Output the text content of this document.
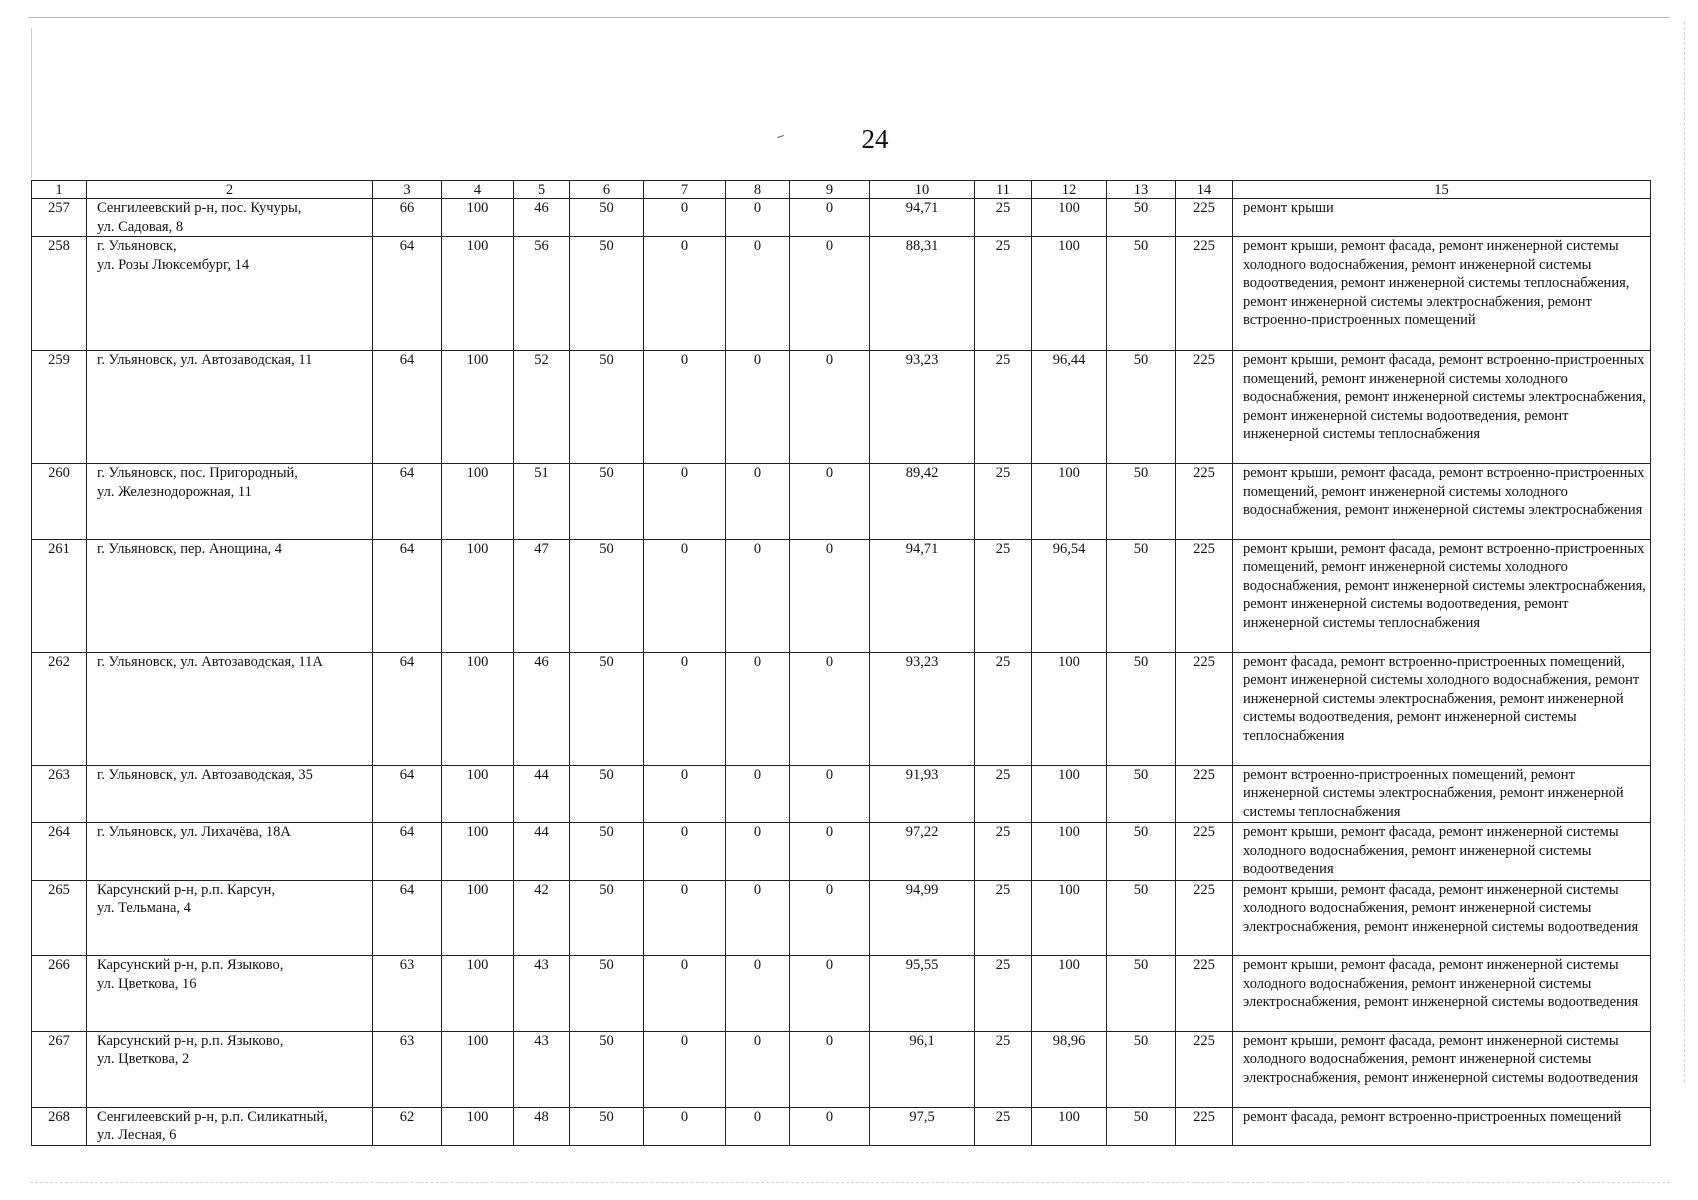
24
1	2	3	4	5	6	7	8	9	10	11	12	13	14	15
257	Сенгилеевский р-н, пос. Кучуры,
ул. Садовая, 8	66	100	46	50	0	0	0	94,71	25	100	50	225	ремонт крыши
258	г. Ульяновск,
ул. Розы Люксембург, 14	64	100	56	50	0	0	0	88,31	25	100	50	225	ремонт крыши, ремонт фасада, ремонт инженерной системы холодного водоснабжения, ремонт инженерной системы водоотведения, ремонт инженерной системы теплоснабжения, ремонт инженерной системы электроснабжения, ремонт встроенно-пристроенных помещений
259	г. Ульяновск, ул. Автозаводская, 11	64	100	52	50	0	0	0	93,23	25	96,44	50	225	ремонт крыши, ремонт фасада, ремонт встроенно-пристроенных помещений, ремонт инженерной системы холодного водоснабжения, ремонт инженерной системы электроснабжения, ремонт инженерной системы водоотведения, ремонт инженерной системы теплоснабжения
260	г. Ульяновск, пос. Пригородный,
ул. Железнодорожная, 11	64	100	51	50	0	0	0	89,42	25	100	50	225	ремонт крыши, ремонт фасада, ремонт встроенно-пристроенных помещений, ремонт инженерной системы холодного водоснабжения, ремонт инженерной системы электроснабжения
261	г. Ульяновск, пер. Анощина, 4	64	100	47	50	0	0	0	94,71	25	96,54	50	225	ремонт крыши, ремонт фасада, ремонт встроенно-пристроенных помещений, ремонт инженерной системы холодного водоснабжения, ремонт инженерной системы электроснабжения, ремонт инженерной системы водоотведения, ремонт инженерной системы теплоснабжения
262	г. Ульяновск, ул. Автозаводская, 11А	64	100	46	50	0	0	0	93,23	25	100	50	225	ремонт фасада, ремонт встроенно-пристроенных помещений, ремонт инженерной системы холодного водоснабжения, ремонт инженерной системы электроснабжения, ремонт инженерной системы водоотведения, ремонт инженерной системы теплоснабжения
263	г. Ульяновск, ул. Автозаводская, 35	64	100	44	50	0	0	0	91,93	25	100	50	225	ремонт встроенно-пристроенных помещений, ремонт инженерной системы электроснабжения, ремонт инженерной системы теплоснабжения
264	г. Ульяновск, ул. Лихачёва, 18А	64	100	44	50	0	0	0	97,22	25	100	50	225	ремонт крыши, ремонт фасада, ремонт инженерной системы холодного водоснабжения, ремонт инженерной системы водоотведения
265	Карсунский р-н, р.п. Карсун,
ул. Тельмана, 4	64	100	42	50	0	0	0	94,99	25	100	50	225	ремонт крыши, ремонт фасада, ремонт инженерной системы холодного водоснабжения, ремонт инженерной системы электроснабжения, ремонт инженерной системы водоотведения
266	Карсунский р-н, р.п. Языково,
ул. Цветкова, 16	63	100	43	50	0	0	0	95,55	25	100	50	225	ремонт крыши, ремонт фасада, ремонт инженерной системы холодного водоснабжения, ремонт инженерной системы электроснабжения, ремонт инженерной системы водоотведения
267	Карсунский р-н, р.п. Языково,
ул. Цветкова, 2	63	100	43	50	0	0	0	96,1	25	98,96	50	225	ремонт крыши, ремонт фасада, ремонт инженерной системы холодного водоснабжения, ремонт инженерной системы электроснабжения, ремонт инженерной системы водоотведения
268	Сенгилеевский р-н, р.п. Силикатный,
ул. Лесная, 6	62	100	48	50	0	0	0	97,5	25	100	50	225	ремонт фасада, ремонт встроенно-пристроенных помещений
